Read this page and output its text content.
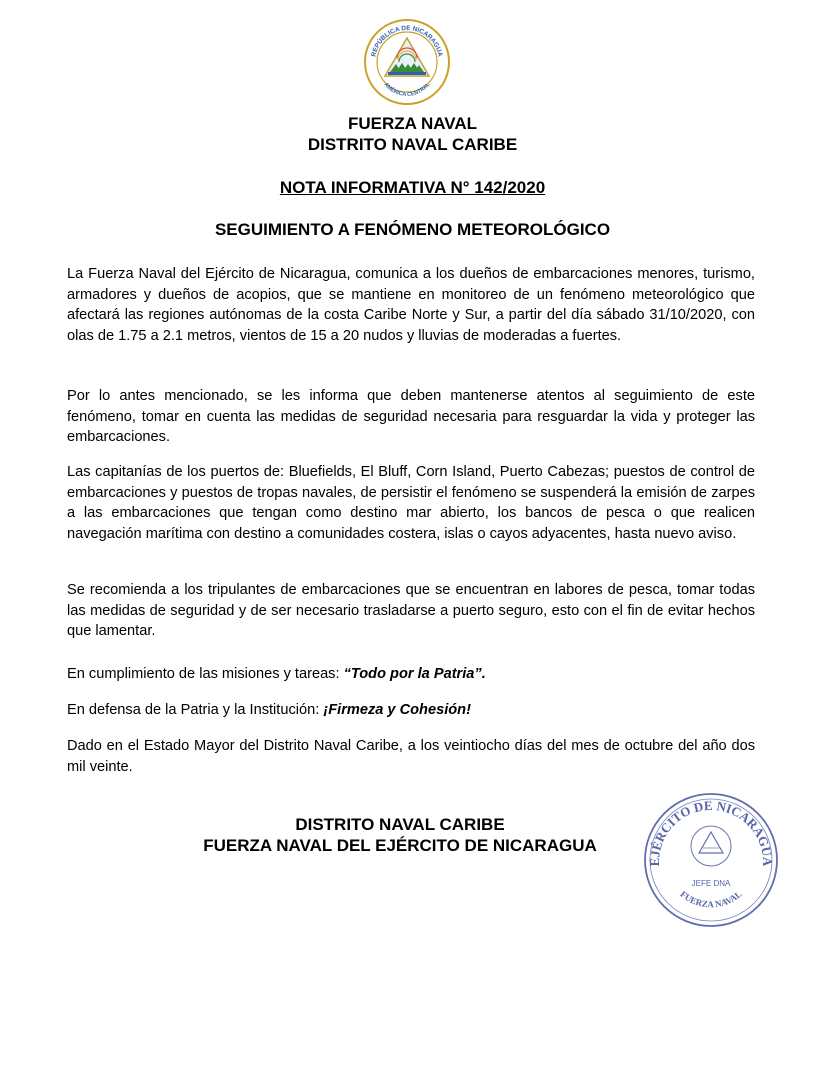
REPÚBLICA DE NICARAGUA
AMÉRICA CENTRAL
FUERZA NAVAL
DISTRITO NAVAL CARIBE
NOTA INFORMATIVA N° 142/2020
SEGUIMIENTO A FENÓMENO METEOROLÓGICO

La Fuerza Naval del Ejército de Nicaragua, comunica a los dueños de embarcaciones menores, turismo, armadores y dueños de acopios, que se mantiene en monitoreo de un fenómeno meteorológico que afectará las regiones autónomas de la costa Caribe Norte y Sur, a partir del día sábado 31/10/2020, con olas de 1.75 a 2.1 metros, vientos de 15 a 20 nudos y lluvias de moderadas a fuertes.

Por lo antes mencionado, se les informa que deben mantenerse atentos al seguimiento de este fenómeno, tomar en cuenta las medidas de seguridad necesaria para resguardar la vida y proteger las embarcaciones.

Las capitanías de los puertos de: Bluefields, El Bluff, Corn Island, Puerto Cabezas; puestos de control de embarcaciones y puestos de tropas navales, de persistir el fenómeno se suspenderá la emisión de zarpes a las embarcaciones que tengan como destino mar abierto, los bancos de pesca o que realicen navegación marítima con destino a comunidades costera, islas o cayos adyacentes, hasta nuevo aviso.

Se recomienda a los tripulantes de embarcaciones que se encuentran en labores de pesca, tomar todas las medidas de seguridad y de ser necesario trasladarse a puerto seguro, esto con el fin de evitar hechos que lamentar.

En cumplimiento de las misiones y tareas: “Todo por la Patria”.

En defensa de la Patria y la Institución: ¡Firmeza y Cohesión!

Dado en el Estado Mayor del Distrito Naval Caribe, a los veintiocho días del mes de octubre del año dos mil veinte.

DISTRITO NAVAL CARIBE
FUERZA NAVAL DEL EJÉRCITO DE NICARAGUA
EJÉRCITO DE NICARAGUA
FUERZA NAVAL
JEFE DNA
